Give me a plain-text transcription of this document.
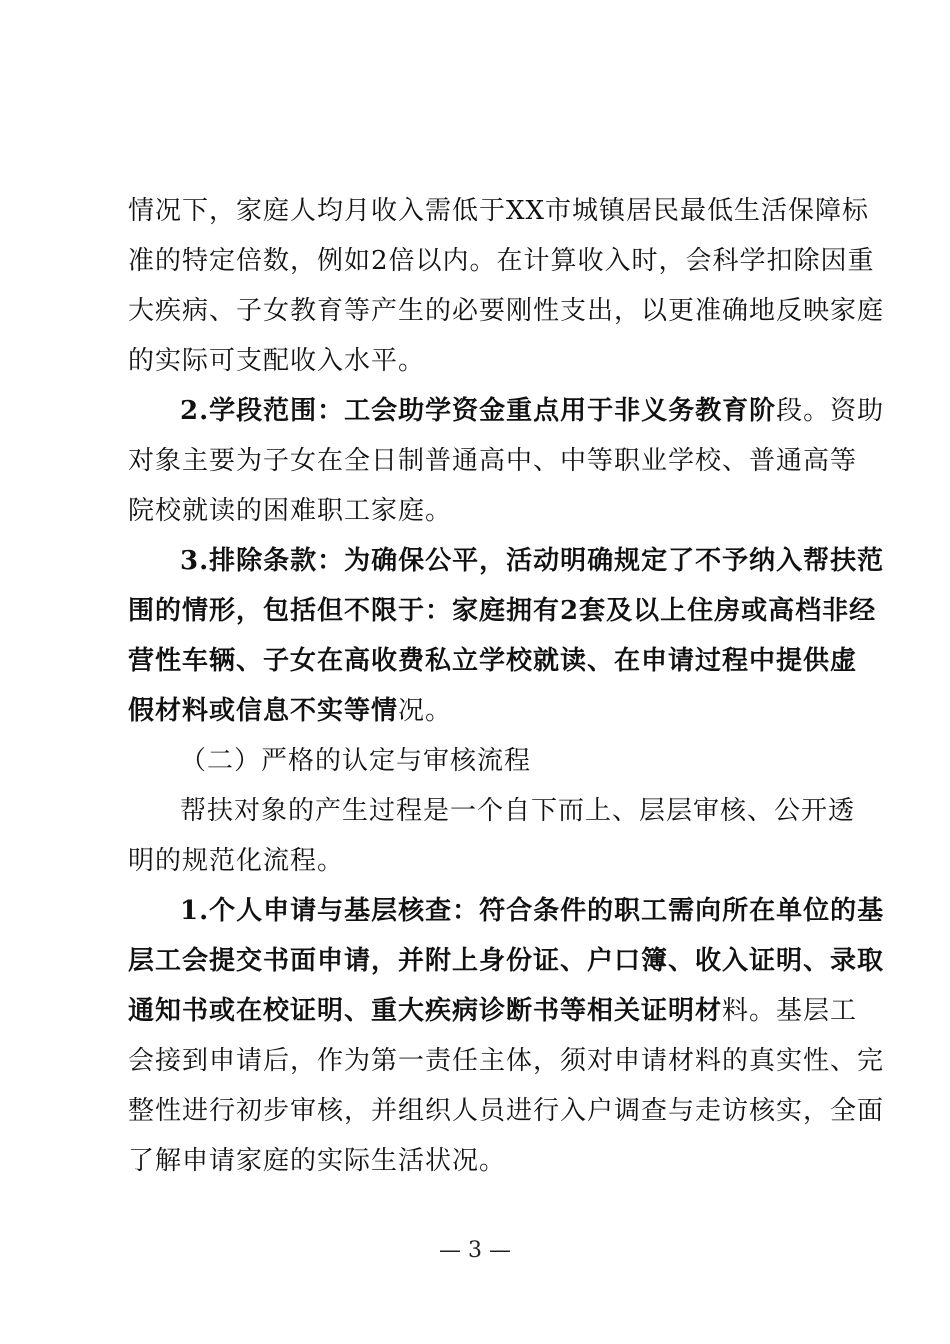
情况下，家庭人均月收入需低于XX市城镇居民最低生活保障标
准的特定倍数，例如2倍以内。在计算收入时，会科学扣除因重
大疾病、子女教育等产生的必要刚性支出，以更准确地反映家庭
的实际可支配收入水平。
2.学段范围：工会助学资金重点用于非义务教育阶段。资助
对象主要为子女在全日制普通高中、中等职业学校、普通高等
院校就读的困难职工家庭。
3.排除条款：为确保公平，活动明确规定了不予纳入帮扶范
围的情形，包括但不限于：家庭拥有2套及以上住房或高档非经
营性车辆、子女在高收费私立学校就读、在申请过程中提供虚
假材料或信息不实等情况。
（二）严格的认定与审核流程
帮扶对象的产生过程是一个自下而上、层层审核、公开透
明的规范化流程。
1.个人申请与基层核查：符合条件的职工需向所在单位的基
层工会提交书面申请，并附上身份证、户口簿、收入证明、录取
通知书或在校证明、重大疾病诊断书等相关证明材料。基层工
会接到申请后，作为第一责任主体，须对申请材料的真实性、完
整性进行初步审核，并组织人员进行入户调查与走访核实，全面
了解申请家庭的实际生活状况。
— 3 —
